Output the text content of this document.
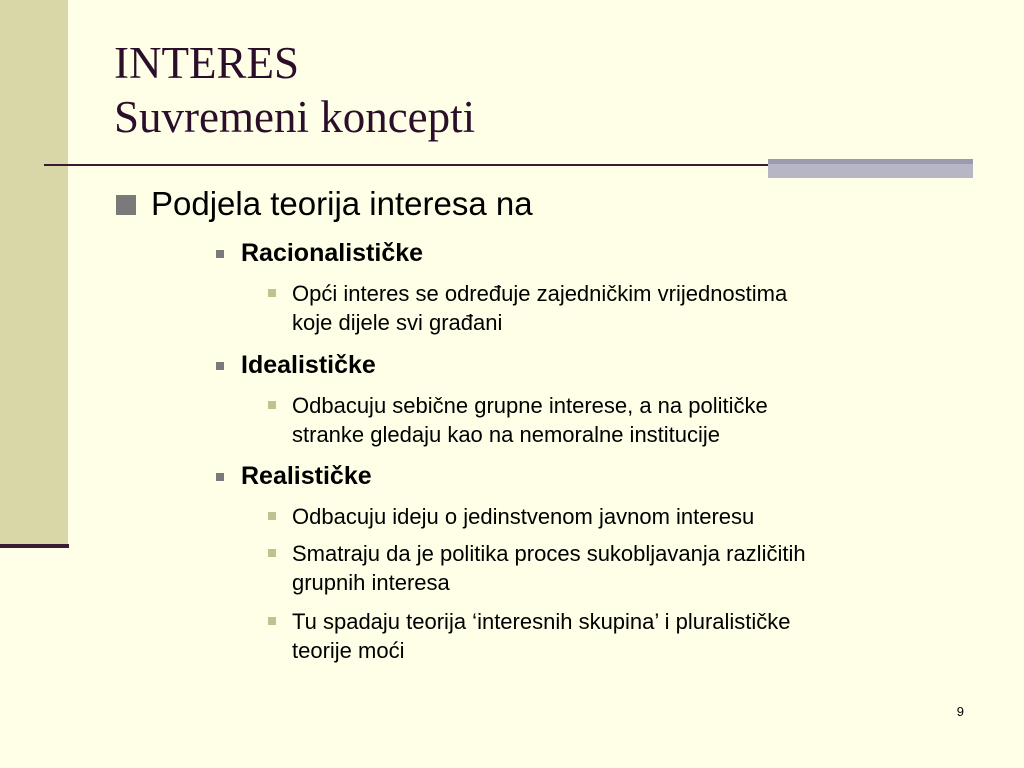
INTERES
Suvremeni koncepti
Podjela teorija interesa na
Racionalističke
Opći interes se određuje zajedničkim vrijednostima
koje dijele svi građani
Idealističke
Odbacuju sebične grupne interese, a na političke
stranke gledaju kao na nemoralne institucije
Realističke
Odbacuju ideju o jedinstvenom javnom interesu
Smatraju da je politika proces sukobljavanja različitih
grupnih interesa
Tu spadaju teorija ‘interesnih skupina’ i pluralističke
teorije moći
9
